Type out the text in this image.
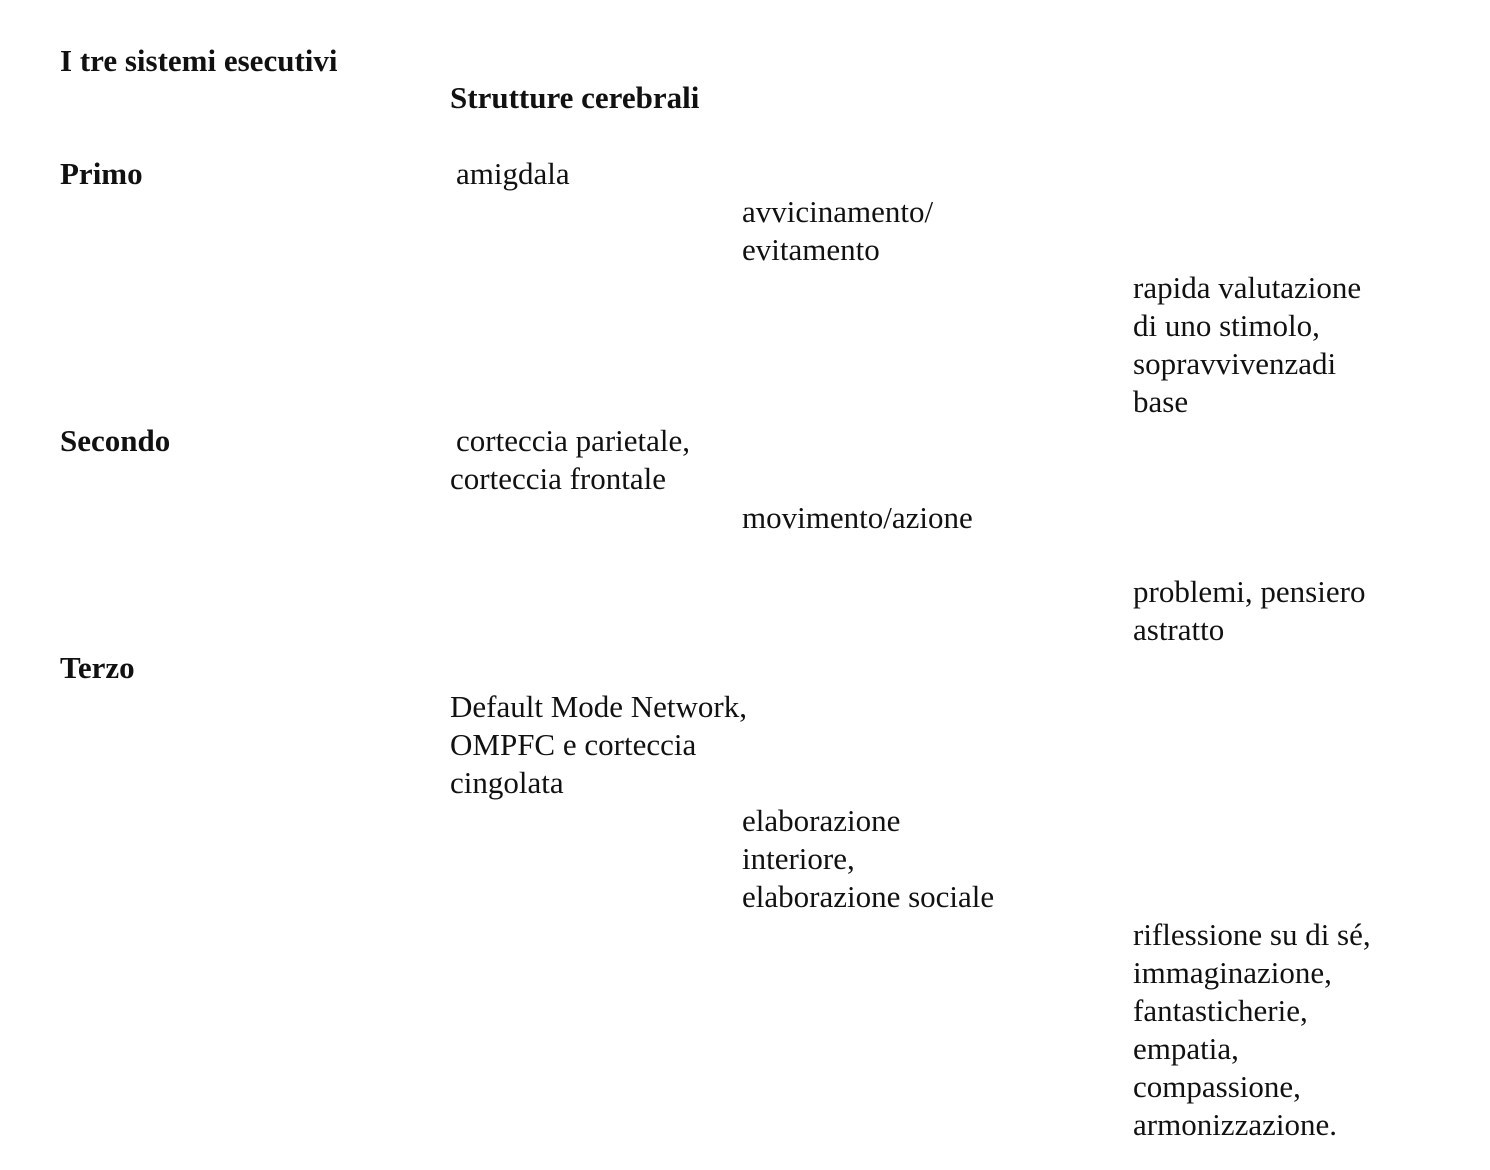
I tre sistemi esecutivi
Strutture cerebrali
Primo	amigdala
avvicinamento/
evitamento
rapida valutazione
di uno stimolo,
sopravvivenzadi
base
Secondo	corteccia parietale,
corteccia frontale
movimento/azione
problemi, pensiero
astratto
Terzo
Default Mode Network,
OMPFC e corteccia
cingolata
elaborazione
interiore,
elaborazione sociale
riflessione su di sé,
immaginazione,
fantasticherie,
empatia,
compassione,
armonizzazione.
